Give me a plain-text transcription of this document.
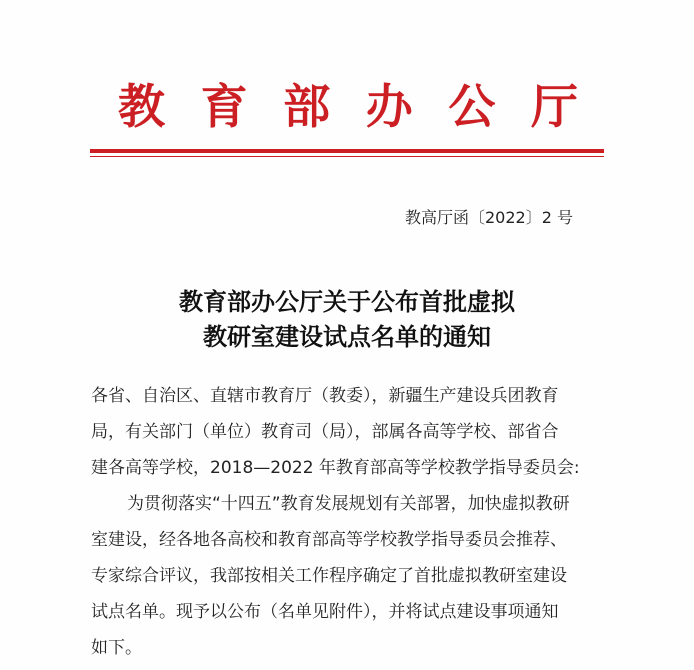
教 育 部 办 公 厅
教高厅函〔2022〕2 号
教育部办公厅关于公布首批虚拟
教研室建设试点名单的通知
各省、自治区、直辖市教育厅（教委），新疆生产建设兵团教育
局，有关部门（单位）教育司（局），部属各高等学校、部省合
建各高等学校，2018—2022 年教育部高等学校教学指导委员会:
为贯彻落实“十四五”教育发展规划有关部署，加快虚拟教研
室建设，经各地各高校和教育部高等学校教学指导委员会推荐、
专家综合评议，我部按相关工作程序确定了首批虚拟教研室建设
试点名单。现予以公布（名单见附件），并将试点建设事项通知
如下。
